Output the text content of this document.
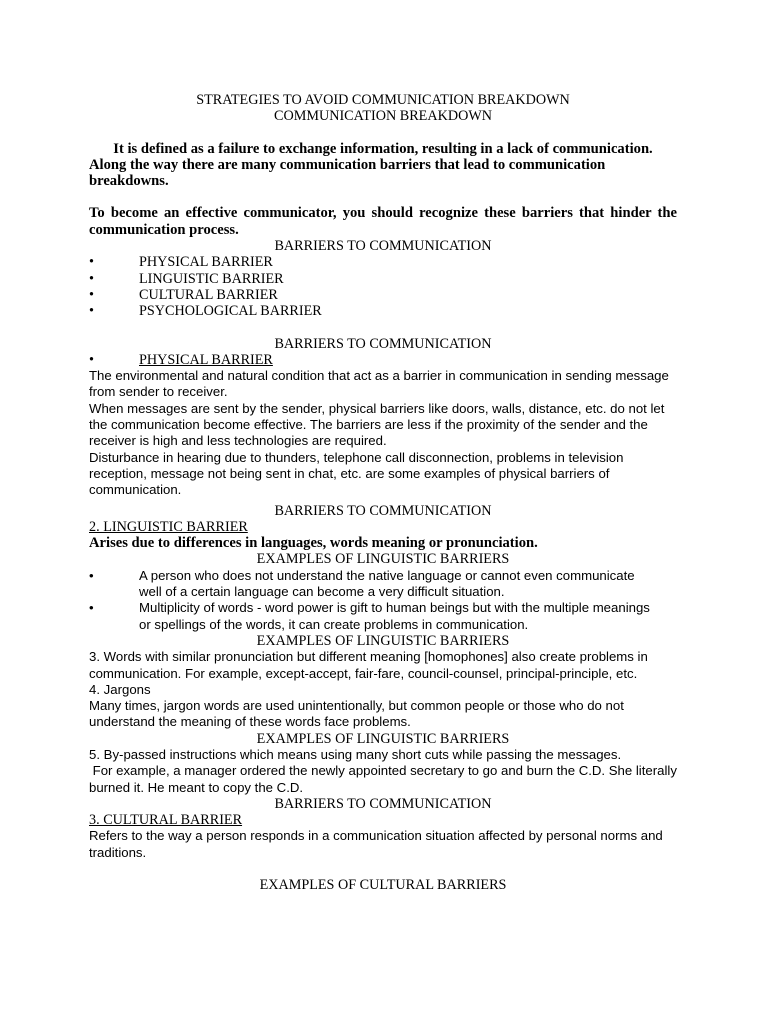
STRATEGIES TO AVOID COMMUNICATION BREAKDOWN

COMMUNICATION BREAKDOWN

It is defined as a failure to exchange information, resulting in a lack of communication.

Along the way there are many communication barriers that lead to communication breakdowns.

To become an effective communicator, you should recognize these barriers that hinder the communication process.

BARRIERS TO COMMUNICATION

•	PHYSICAL BARRIER
•	LINGUISTIC BARRIER
•	CULTURAL BARRIER
•	PSYCHOLOGICAL BARRIER

BARRIERS TO COMMUNICATION

•	PHYSICAL BARRIER

The environmental and natural condition that act as a barrier in communication in sending message from sender to receiver.

When messages are sent by the sender, physical barriers like doors, walls, distance, etc. do not let the communication become effective. The barriers are less if the proximity of the sender and the receiver is high and less technologies are required.

Disturbance in hearing due to thunders, telephone call disconnection, problems in television reception, message not being sent in chat, etc. are some examples of physical barriers of communication.

BARRIERS TO COMMUNICATION

2. LINGUISTIC BARRIER

Arises due to differences in languages, words meaning or pronunciation.

EXAMPLES OF LINGUISTIC BARRIERS

•	A person who does not understand the native language or cannot even communicate well of a certain language can become a very difficult situation.
•	Multiplicity of words - word power is gift to human beings but with the multiple meanings or spellings of the words, it can create problems in communication.

EXAMPLES OF LINGUISTIC BARRIERS

3. Words with similar pronunciation but different meaning [homophones] also create problems in communication. For example, except-accept, fair-fare, council-counsel, principal-principle, etc.

4. Jargons

Many times, jargon words are used unintentionally, but common people or those who do not understand the meaning of these words face problems.

EXAMPLES OF LINGUISTIC BARRIERS

5. By-passed instructions which means using many short cuts while passing the messages.

For example, a manager ordered the newly appointed secretary to go and burn the C.D. She literally burned it. He meant to copy the C.D.

BARRIERS TO COMMUNICATION

3. CULTURAL BARRIER

Refers to the way a person responds in a communication situation affected by personal norms and traditions.

EXAMPLES OF CULTURAL BARRIERS
